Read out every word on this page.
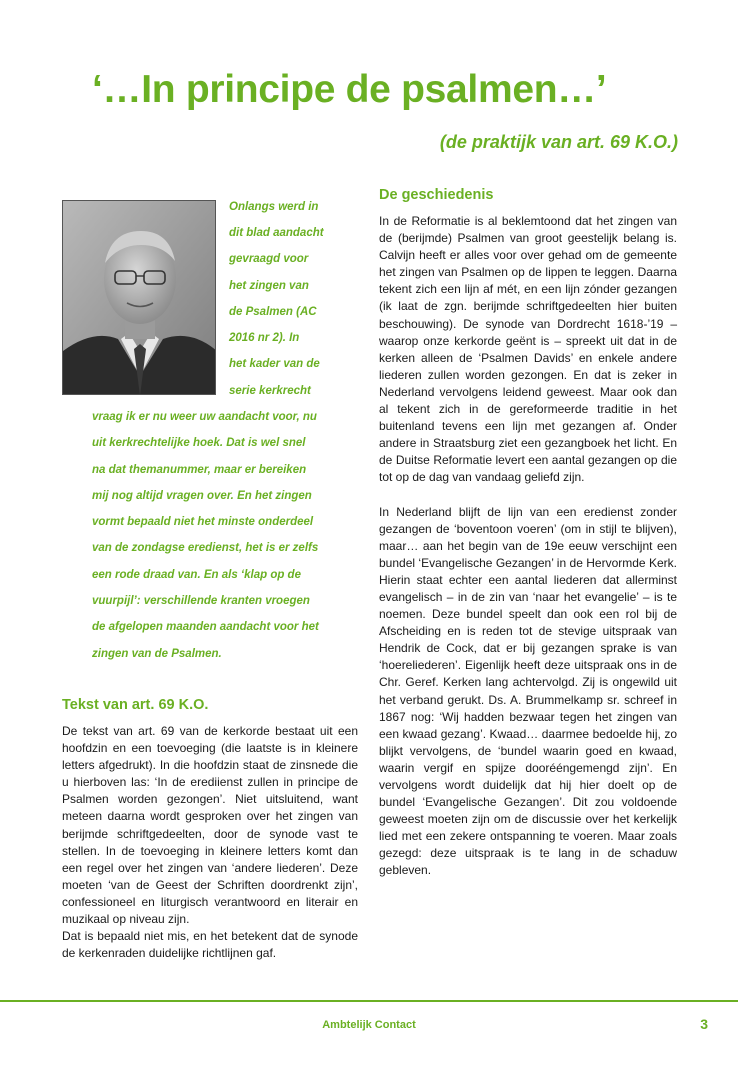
‘…In principe de psalmen…’
(de praktijk van art. 69 K.O.)
Onlangs werd in
dit blad aandacht
gevraagd voor
het zingen van
de Psalmen (AC
2016 nr 2). In
het kader van de
serie kerkrecht
vraag ik er nu weer uw aandacht voor, nu
uit kerkrechtelijke hoek. Dat is wel snel
na dat themanummer, maar er bereiken
mij nog altijd vragen over. En het zingen
vormt bepaald niet het minste onderdeel
van de zondagse eredienst, het is er zelfs
een rode draad van. En als ‘klap op de
vuurpijl’: verschillende kranten vroegen
de afgelopen maanden aandacht voor het
zingen van de Psalmen.
Tekst van art. 69 K.O.

De tekst van art. 69 van de kerkorde bestaat uit een hoofdzin en een toevoeging (die laatste is in kleinere letters afgedrukt). In die hoofdzin staat de zinsnede die u hierboven las: ‘In de erediienst zullen in principe de Psalmen worden gezongen’. Niet uitsluitend, want meteen daarna wordt gesproken over het zingen van berijmde schriftgedeelten, door de synode vast te stellen. In de toevoeging in kleinere letters komt dan een regel over het zingen van ‘andere liederen’. Deze moeten ‘van de Geest der Schriften doordrenkt zijn’, confessioneel en liturgisch verantwoord en literair en muzikaal op niveau zijn.

Dat is bepaald niet mis, en het betekent dat de synode de kerkenraden duidelijke richtlijnen gaf.

De geschiedenis

In de Reformatie is al beklemtoond dat het zingen van de (berijmde) Psalmen van groot geestelijk belang is. Calvijn heeft er alles voor over gehad om de gemeente het zingen van Psalmen op de lippen te leggen. Daarna tekent zich een lijn af mét, en een lijn zónder gezangen (ik laat de zgn. berijmde schriftgedeelten hier buiten beschouwing). De synode van Dordrecht 1618-’19 – waarop onze kerkorde geënt is – spreekt uit dat in de kerken alleen de ‘Psalmen Davids’ en enkele andere liederen zullen worden gezongen. En dat is zeker in Nederland vervolgens leidend geweest. Maar ook dan al tekent zich in de gereformeerde traditie in het buitenland tevens een lijn met gezangen af. Onder andere in Straatsburg ziet een gezangboek het licht. En de Duitse Reformatie levert een aantal gezangen op die tot op de dag van vandaag geliefd zijn.

In Nederland blijft de lijn van een eredienst zonder gezangen de ‘boventoon voeren’ (om in stijl te blijven), maar… aan het begin van de 19e eeuw verschijnt een bundel ‘Evangelische Gezangen’ in de Hervormde Kerk. Hierin staat echter een aantal liederen dat allerminst evangelisch – in de zin van ‘naar het evangelie’ – is te noemen. Deze bundel speelt dan ook een rol bij de Afscheiding en is reden tot de stevige uitspraak van Hendrik de Cock, dat er bij gezangen sprake is van ‘hoereliederen’. Eigenlijk heeft deze uitspraak ons in de Chr. Geref. Kerken lang achtervolgd. Zij is ongewild uit het verband gerukt. Ds. A. Brummelkamp sr. schreef in 1867 nog: ‘Wij hadden bezwaar tegen het zingen van een kwaad gezang’. Kwaad… daarmee bedoelde hij, zo blijkt vervolgens, de ‘bundel waarin goed en kwaad, waarin vergif en spijze doorééngemengd zijn’. En vervolgens wordt duidelijk dat hij hier doelt op de bundel ‘Evangelische Gezangen’. Dit zou voldoende geweest moeten zijn om de discussie over het kerkelijk lied met een zekere ontspanning te voeren. Maar zoals gezegd: deze uitspraak is te lang in de schaduw gebleven.

Ambtelijk Contact	3
